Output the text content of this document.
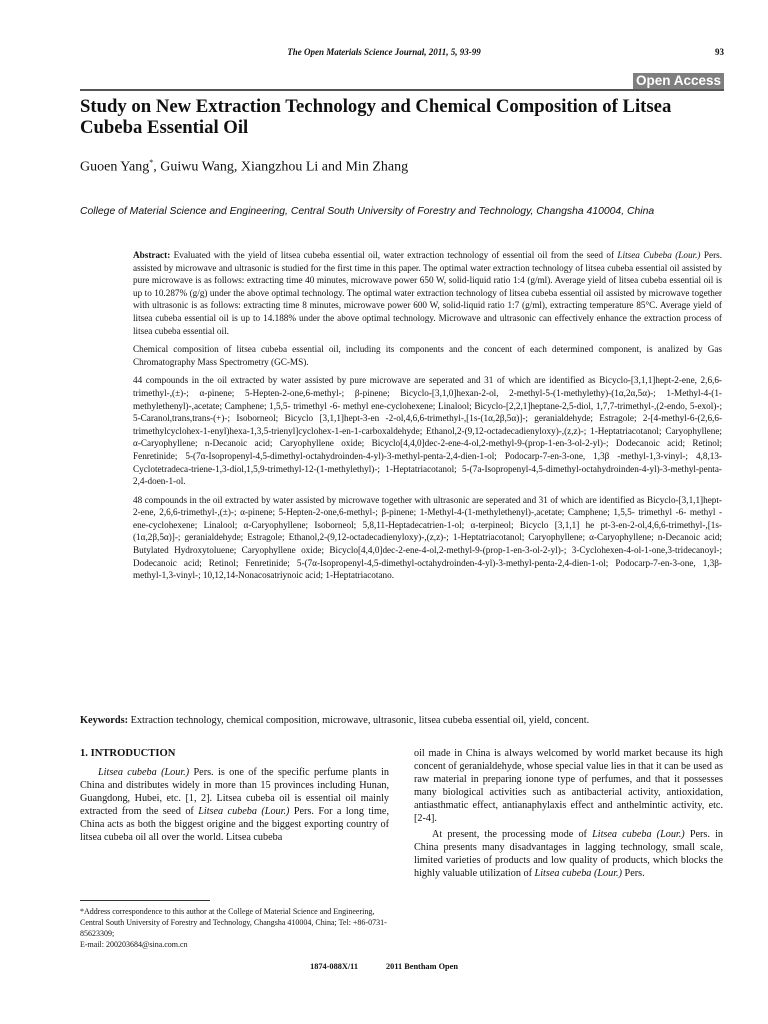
The Open Materials Science Journal, 2011, 5, 93-99	93
Open Access
Study on New Extraction Technology and Chemical Composition of Litsea Cubeba Essential Oil
Guoen Yang*, Guiwu Wang, Xiangzhou Li and Min Zhang
College of Material Science and Engineering, Central South University of Forestry and Technology, Changsha 410004, China

Abstract: Evaluated with the yield of litsea cubeba essential oil, water extraction technology of essential oil from the seed of Litsea Cubeba (Lour.) Pers. assisted by microwave and ultrasonic is studied for the first time in this paper. The optimal water extraction technology of litsea cubeba essential oil assisted by pure microwave is as follows: extracting time 40 minutes, microwave power 650 W, solid-liquid ratio 1:4 (g/ml). Average yield of litsea cubeba essential oil is up to 10.287% (g/g) under the above optimal technology. The optimal water extraction technology of litsea cubeba essential oil assisted by microwave together with ultrasonic is as follows: extracting time 8 minutes, microwave power 600 W, solid-liquid ratio 1:7 (g/ml), extracting temperature 85°C. Average yield of litsea cubeba essential oil is up to 14.188% under the above optimal technology. Microwave and ultrasonic can effectively enhance the extraction process of litsea cubeba essential oil.

Chemical composition of litsea cubeba essential oil, including its components and the concent of each determined component, is analized by Gas Chromatography Mass Spectrometry (GC-MS).

44 compounds in the oil extracted by water assisted by pure microwave are seperated and 31 of which are identified as Bicyclo-[3,1,1]hept-2-ene, 2,6,6-trimethyl-,(±)-; α-pinene; 5-Hepten-2-one,6-methyl-; β-pinene; Bicyclo-[3,1,0]hexan-2-ol, 2-methyl-5-(1-methylethy)-(1α,2α,5α)-; 1-Methyl-4-(1-methylethenyl)-,acetate; Camphene; 1,5,5- trimethyl -6- methyl ene-cyclohexene; Linalool; Bicyclo-[2,2,1]heptane-2,5-diol, 1,7,7-trimethyl-,(2-endo, 5-exol)-; 5-Caranol,trans,trans-(+)-; Isoborneol; Bicyclo [3,1,1]hept-3-en -2-ol,4,6,6-trimethyl-,[1s-(1α,2β,5α)]-; geranialdehyde; Estragole; 2-[4-methyl-6-(2,6,6-trimethylcyclohex-1-enyl)hexa-1,3,5-trienyl]cyclohex-1-en-1-carboxaldehyde; Ethanol,2-(9,12-octadecadienyloxy)-,(z,z)-; 1-Heptatriacotanol; Caryophyllene; α-Caryophyllene; n-Decanoic acid; Caryophyllene oxide; Bicyclo[4,4,0]dec-2-ene-4-ol,2-methyl-9-(prop-1-en-3-ol-2-yl)-; Dodecanoic acid; Retinol; Fenretinide; 5-(7α-Isopropenyl-4,5-dimethyl-octahydroinden-4-yl)-3-methyl-penta-2,4-dien-1-ol; Podocarp-7-en-3-one, 1,3β -methyl-1,3-vinyl-; 4,8,13-Cyclotetradeca-triene-1,3-diol,1,5,9-trimethyl-12-(1-methylethyl)-; 1-Heptatriacotanol; 5-(7a-Isopropenyl-4,5-dimethyl-octahydroinden-4-yl)-3-methyl-penta-2,4-doen-1-ol.

48 compounds in the oil extracted by water assisted by microwave together with ultrasonic are seperated and 31 of which are identified as Bicyclo-[3,1,1]hept-2-ene, 2,6,6-trimethyl-,(±)-; α-pinene; 5-Hepten-2-one,6-methyl-; β-pinene; 1-Methyl-4-(1-methylethenyl)-,acetate; Camphene; 1,5,5- trimethyl -6- methyl -ene-cyclohexene; Linalool; α-Caryophyllene; Isoborneol; 5,8,11-Heptadecatrien-1-ol; α-terpineol; Bicyclo [3,1,1] he pt-3-en-2-ol,4,6,6-trimethyl-,[1s-(1α,2β,5α)]-; geranialdehyde; Estragole; Ethanol,2-(9,12-octadecadienyloxy)-,(z,z)-; 1-Heptatriacotanol; Caryophyllene; α-Caryophyllene; n-Decanoic acid; Butylated Hydroxytoluene; Caryophyllene oxide; Bicyclo[4,4,0]dec-2-ene-4-ol,2-methyl-9-(prop-1-en-3-ol-2-yl)-; 3-Cyclohexen-4-ol-1-one,3-tridecanoyl-; Dodecanoic acid; Retinol; Fenretinide; 5-(7α-Isopropenyl-4,5-dimethyl-octahydroinden-4-yl)-3-methyl-penta-2,4-dien-1-ol; Podocarp-7-en-3-one, 1,3β-methyl-1,3-vinyl-; 10,12,14-Nonacosatriynoic acid; 1-Heptatriacotano.

Keywords: Extraction technology, chemical composition, microwave, ultrasonic, litsea cubeba essential oil, yield, concent.
1. INTRODUCTION

Litsea cubeba (Lour.) Pers. is one of the specific perfume plants in China and distributes widely in more than 15 provinces including Hunan, Guangdong, Hubei, etc. [1, 2]. Litsea cubeba oil is essential oil mainly extracted from the seed of Litsea cubeba (Lour.) Pers. For a long time, China acts as both the biggest origine and the biggest exporting country of litsea cubeba oil all over the world. Litsea cubeba

oil made in China is always welcomed by world market because its high concent of geranialdehyde, whose special value lies in that it can be used as raw material in preparing ionone type of perfumes, and that it possesses many biological activities such as antibacterial activity, antioxidation, antiasthmatic effect, antianaphylaxis effect and anthelmintic activity, etc. [2-4].

At present, the processing mode of Litsea cubeba (Lour.) Pers. in China presents many disadvantages in lagging technology, small scale, limited varieties of products and low quality of products, which blocks the highly valuable utilization of Litsea cubeba (Lour.) Pers.

*Address correspondence to this author at the College of Material Science and Engineering, Central South University of Forestry and Technology, Changsha 410004, China; Tel: +86-0731-85623309;

E-mail: 200203684@sina.com.cn

1874-088X/11	2011 Bentham Open
